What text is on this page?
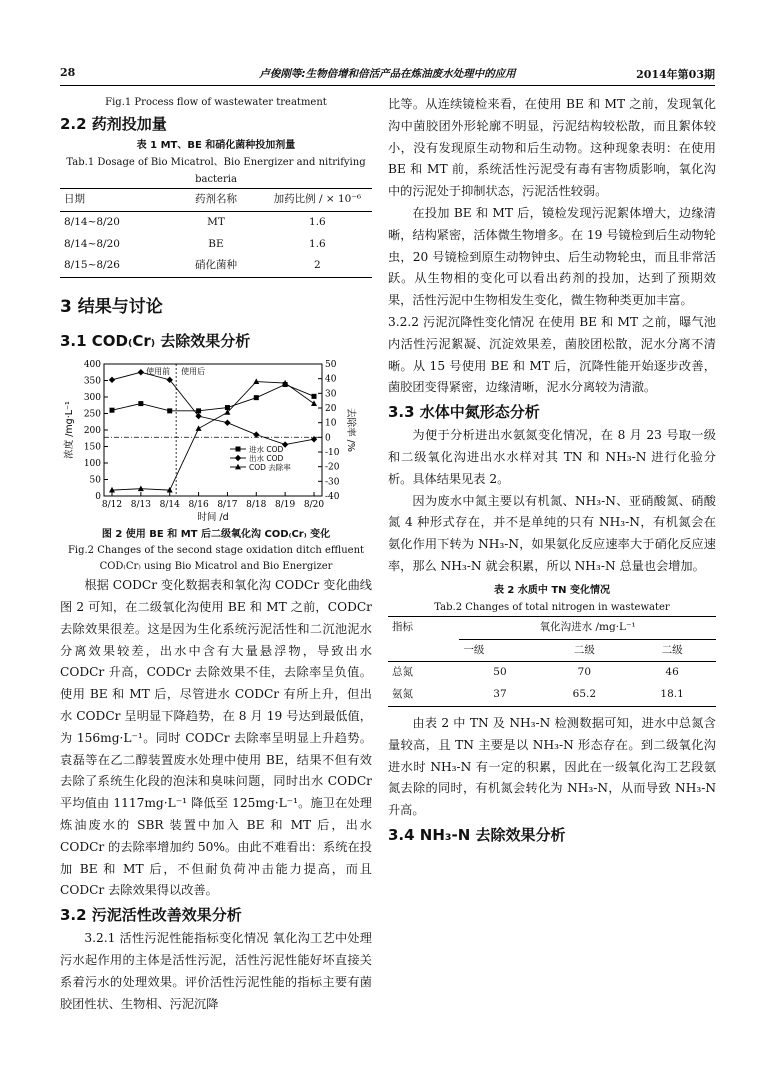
28	卢俊刚等:生物倍增和倍活产品在炼油废水处理中的应用	2014年第03期
Fig.1 Process flow of wastewater treatment
2.2 药剂投加量
表 1 MT、BE 和硝化菌种投加剂量
Tab.1 Dosage of Bio Micatrol、Bio Energizer and nitrifying bacteria
日期	药剂名称	加药比例 / × 10⁻⁶
8/14~8/20	MT	1.6
8/14~8/20	BE	1.6
8/15~8/26	硝化菌种	2
3 结果与讨论
3.1 COD₍Cr₎ 去除效果分析
0
50
100
150
200
250
300
350
400
-40
-30
-20
-10
0
10
20
30
40
50
8/12 8/13 8/14 8/16 8/17 8/18 8/19 8/20
时间 /d
浓度 /mg·L⁻¹	去除率 /%
使用前 使用后
进水 COD
出水 COD
COD 去除率
图 2 使用 BE 和 MT 后二级氧化沟 COD₍Cr₎ 变化
Fig.2 Changes of the second stage oxidation ditch effluent COD₍Cr₎ using Bio Micatrol and Bio Energizer

根据 CODCr 变化数据表和氧化沟 CODCr 变化曲线图 2 可知，在二级氧化沟使用 BE 和 MT 之前，CODCr 去除效果很差。这是因为生化系统污泥活性和二沉池泥水分离效果较差，出水中含有大量悬浮物，导致出水 CODCr 升高，CODCr 去除效果不佳，去除率呈负值。使用 BE 和 MT 后，尽管进水 CODCr 有所上升，但出水 CODCr 呈明显下降趋势，在 8 月 19 号达到最低值，为 156mg·L⁻¹。同时 CODCr 去除率呈明显上升趋势。袁磊等在乙二醇装置废水处理中使用 BE，结果不但有效去除了系统生化段的泡沫和臭味问题，同时出水 CODCr 平均值由 1117mg·L⁻¹ 降低至 125mg·L⁻¹。施卫在处理炼油废水的 SBR 装置中加入 BE 和 MT 后，出水 CODCr 的去除率增加约 50%。由此不难看出：系统在投加 BE 和 MT 后，不但耐负荷冲击能力提高，而且 CODCr 去除效果得以改善。

3.2 污泥活性改善效果分析

3.2.1 活性污泥性能指标变化情况 氧化沟工艺中处理污水起作用的主体是活性污泥，活性污泥性能好坏直接关系着污水的处理效果。评价活性污泥性能的指标主要有菌胶团性状、生物相、污泥沉降

比等。从连续镜检来看，在使用 BE 和 MT 之前，发现氧化沟中菌胶团外形轮廓不明显，污泥结构较松散，而且絮体较小，没有发现原生动物和后生动物。这种现象表明：在使用 BE 和 MT 前，系统活性污泥受有毒有害物质影响，氧化沟中的污泥处于抑制状态，污泥活性较弱。

在投加 BE 和 MT 后，镜检发现污泥絮体增大，边缘清晰，结构紧密，活体微生物增多。在 19 号镜检到后生动物轮虫，20 号镜检到原生动物钟虫、后生动物轮虫，而且非常活跃。从生物相的变化可以看出药剂的投加，达到了预期效果，活性污泥中生物相发生变化，微生物种类更加丰富。

3.2.2 污泥沉降性变化情况 在使用 BE 和 MT 之前，曝气池内活性污泥絮凝、沉淀效果差，菌胶团松散，泥水分离不清晰。从 15 号使用 BE 和 MT 后，沉降性能开始逐步改善，菌胶团变得紧密，边缘清晰，泥水分离较为清澈。

3.3 水体中氮形态分析

为便于分析进出水氨氮变化情况，在 8 月 23 号取一级和二级氧化沟进出水水样对其 TN 和 NH₃-N 进行化验分析。具体结果见表 2。

因为废水中氮主要以有机氮、NH₃-N、亚硝酸氮、硝酸氮 4 种形式存在，并不是单纯的只有 NH₃-N，有机氮会在氨化作用下转为 NH₃-N，如果氨化反应速率大于硝化反应速率，那么 NH₃-N 就会积累，所以 NH₃-N 总量也会增加。

表 2 水质中 TN 变化情况
Tab.2 Changes of total nitrogen in wastewater
指标	氧化沟进水 /mg·L⁻¹		
	一级	二级	二级
总氮	50	70	46
氨氮	37	65.2	18.1

由表 2 中 TN 及 NH₃-N 检测数据可知，进水中总氮含量较高，且 TN 主要是以 NH₃-N 形态存在。到二级氧化沟进水时 NH₃-N 有一定的积累，因此在一级氧化沟工艺段氨氮去除的同时，有机氮会转化为 NH₃-N，从而导致 NH₃-N 升高。

3.4 NH₃-N 去除效果分析
